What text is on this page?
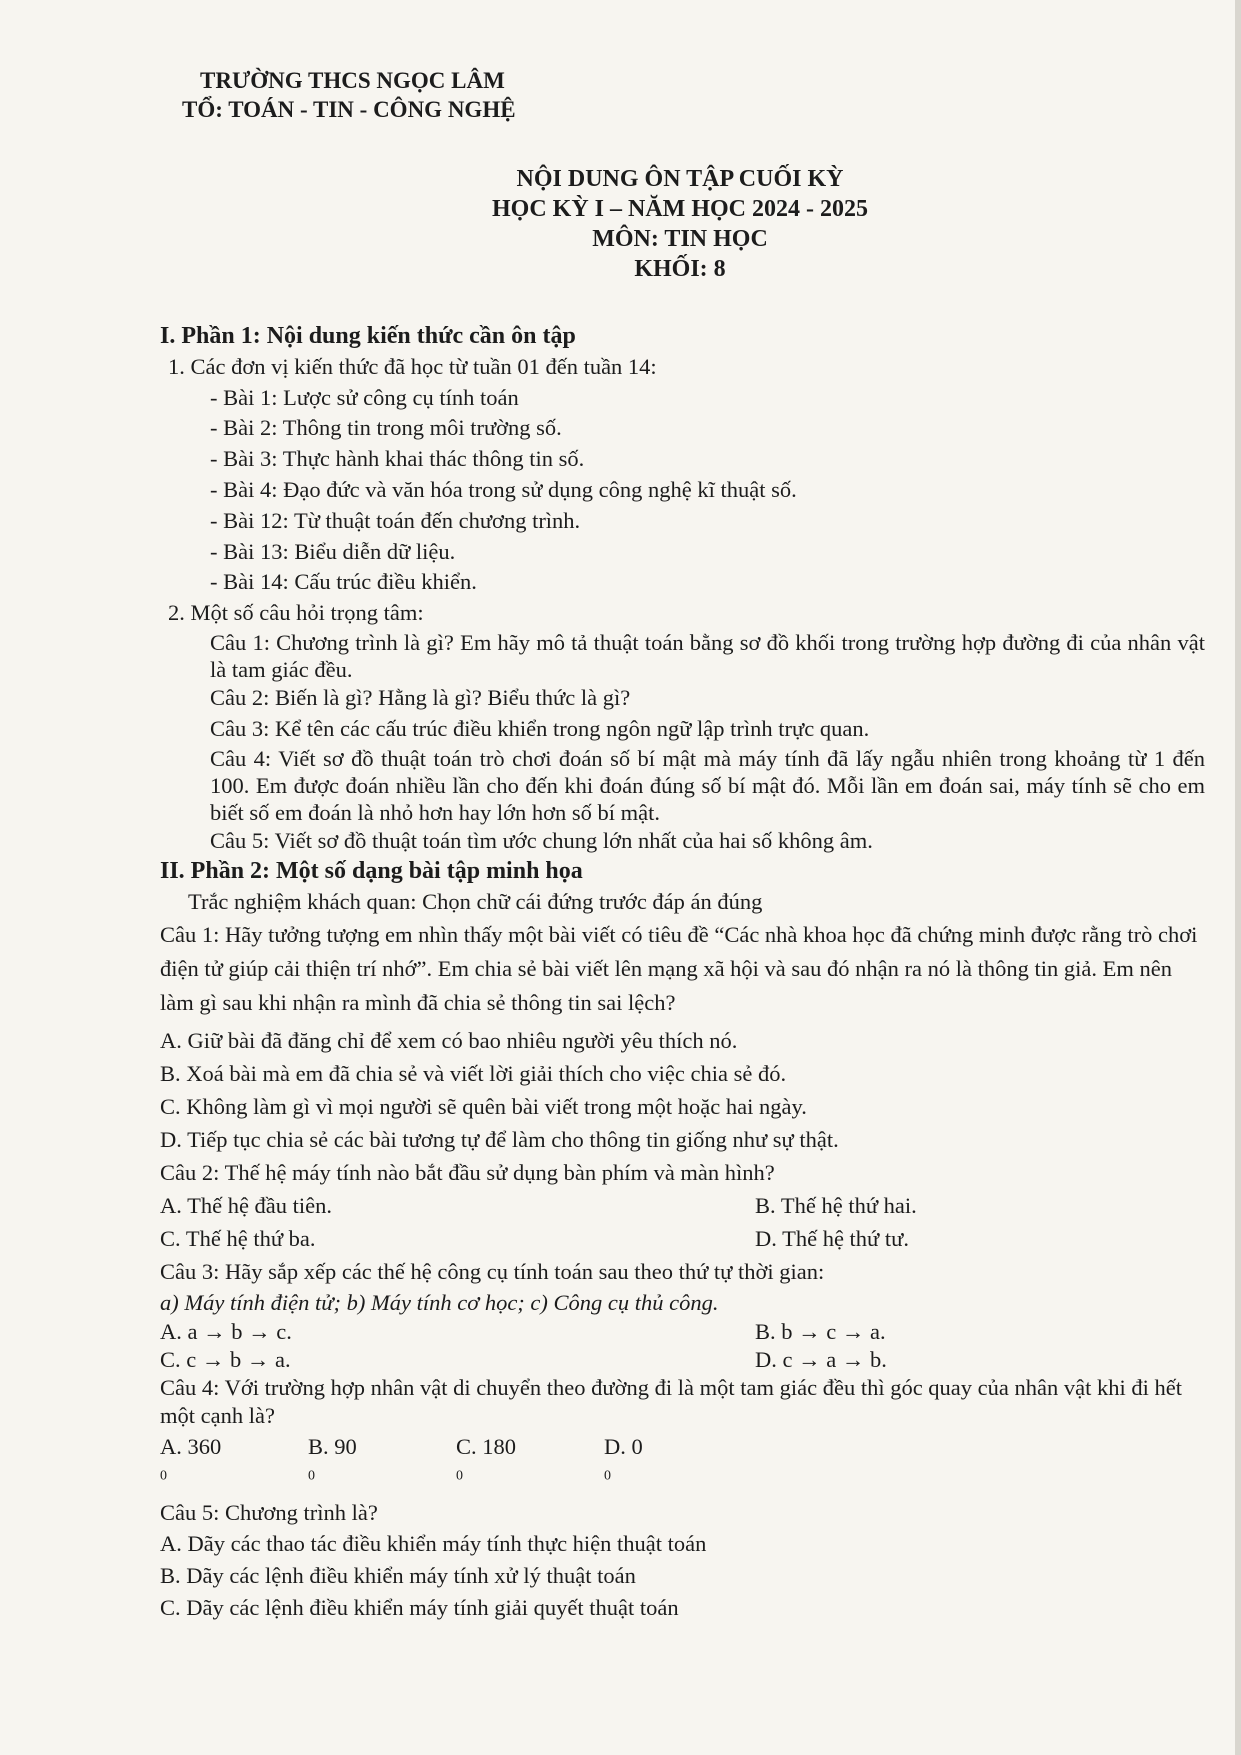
TRƯỜNG THCS NGỌC LÂM
TỔ: TOÁN - TIN - CÔNG NGHỆ
NỘI DUNG ÔN TẬP CUỐI KỲ
HỌC KỲ I – NĂM HỌC 2024 - 2025
MÔN: TIN HỌC
KHỐI: 8
I. Phần 1: Nội dung kiến thức cần ôn tập
1. Các đơn vị kiến thức đã học từ tuần 01 đến tuần 14:
- Bài 1: Lược sử công cụ tính toán
- Bài 2: Thông tin trong môi trường số.
- Bài 3: Thực hành khai thác thông tin số.
- Bài 4: Đạo đức và văn hóa trong sử dụng công nghệ kĩ thuật số.
- Bài 12: Từ thuật toán đến chương trình.
- Bài 13: Biểu diễn dữ liệu.
- Bài 14: Cấu trúc điều khiển.
2. Một số câu hỏi trọng tâm:
Câu 1: Chương trình là gì? Em hãy mô tả thuật toán bằng sơ đồ khối trong trường hợp đường đi của nhân vật là tam giác đều.
Câu 2: Biến là gì? Hằng là gì? Biểu thức là gì?
Câu 3: Kể tên các cấu trúc điều khiển trong ngôn ngữ lập trình trực quan.
Câu 4: Viết sơ đồ thuật toán trò chơi đoán số bí mật mà máy tính đã lấy ngẫu nhiên trong khoảng từ 1 đến 100. Em được đoán nhiều lần cho đến khi đoán đúng số bí mật đó. Mỗi lần em đoán sai, máy tính sẽ cho em biết số em đoán là nhỏ hơn hay lớn hơn số bí mật.
Câu 5: Viết sơ đồ thuật toán tìm ước chung lớn nhất của hai số không âm.
II. Phần 2: Một số dạng bài tập minh họa
Trắc nghiệm khách quan: Chọn chữ cái đứng trước đáp án đúng

Câu 1: Hãy tưởng tượng em nhìn thấy một bài viết có tiêu đề “Các nhà khoa học đã chứng minh được rằng trò chơi điện tử giúp cải thiện trí nhớ”. Em chia sẻ bài viết lên mạng xã hội và sau đó nhận ra nó là thông tin giả. Em nên làm gì sau khi nhận ra mình đã chia sẻ thông tin sai lệch?

A. Giữ bài đã đăng chỉ để xem có bao nhiêu người yêu thích nó.

B. Xoá bài mà em đã chia sẻ và viết lời giải thích cho việc chia sẻ đó.

C. Không làm gì vì mọi người sẽ quên bài viết trong một hoặc hai ngày.

D. Tiếp tục chia sẻ các bài tương tự để làm cho thông tin giống như sự thật.

Câu 2: Thế hệ máy tính nào bắt đầu sử dụng bàn phím và màn hình?

A. Thế hệ đầu tiên.	B. Thế hệ thứ hai.
C. Thế hệ thứ ba.	D. Thế hệ thứ tư.

Câu 3: Hãy sắp xếp các thế hệ công cụ tính toán sau theo thứ tự thời gian:

a) Máy tính điện tử; b) Máy tính cơ học; c) Công cụ thủ công.

A. a → b → c.	B. b → c → a.
C. c → b → a.	D. c → a → b.

Câu 4: Với trường hợp nhân vật di chuyển theo đường đi là một tam giác đều thì góc quay của nhân vật khi đi hết một cạnh là?

A. $360^0$
B. $90^0$
C. $180^0$
D. $0^0$

Câu 5: Chương trình là?

A. Dãy các thao tác điều khiển máy tính thực hiện thuật toán

B. Dãy các lệnh điều khiển máy tính xử lý thuật toán

C. Dãy các lệnh điều khiển máy tính giải quyết thuật toán
